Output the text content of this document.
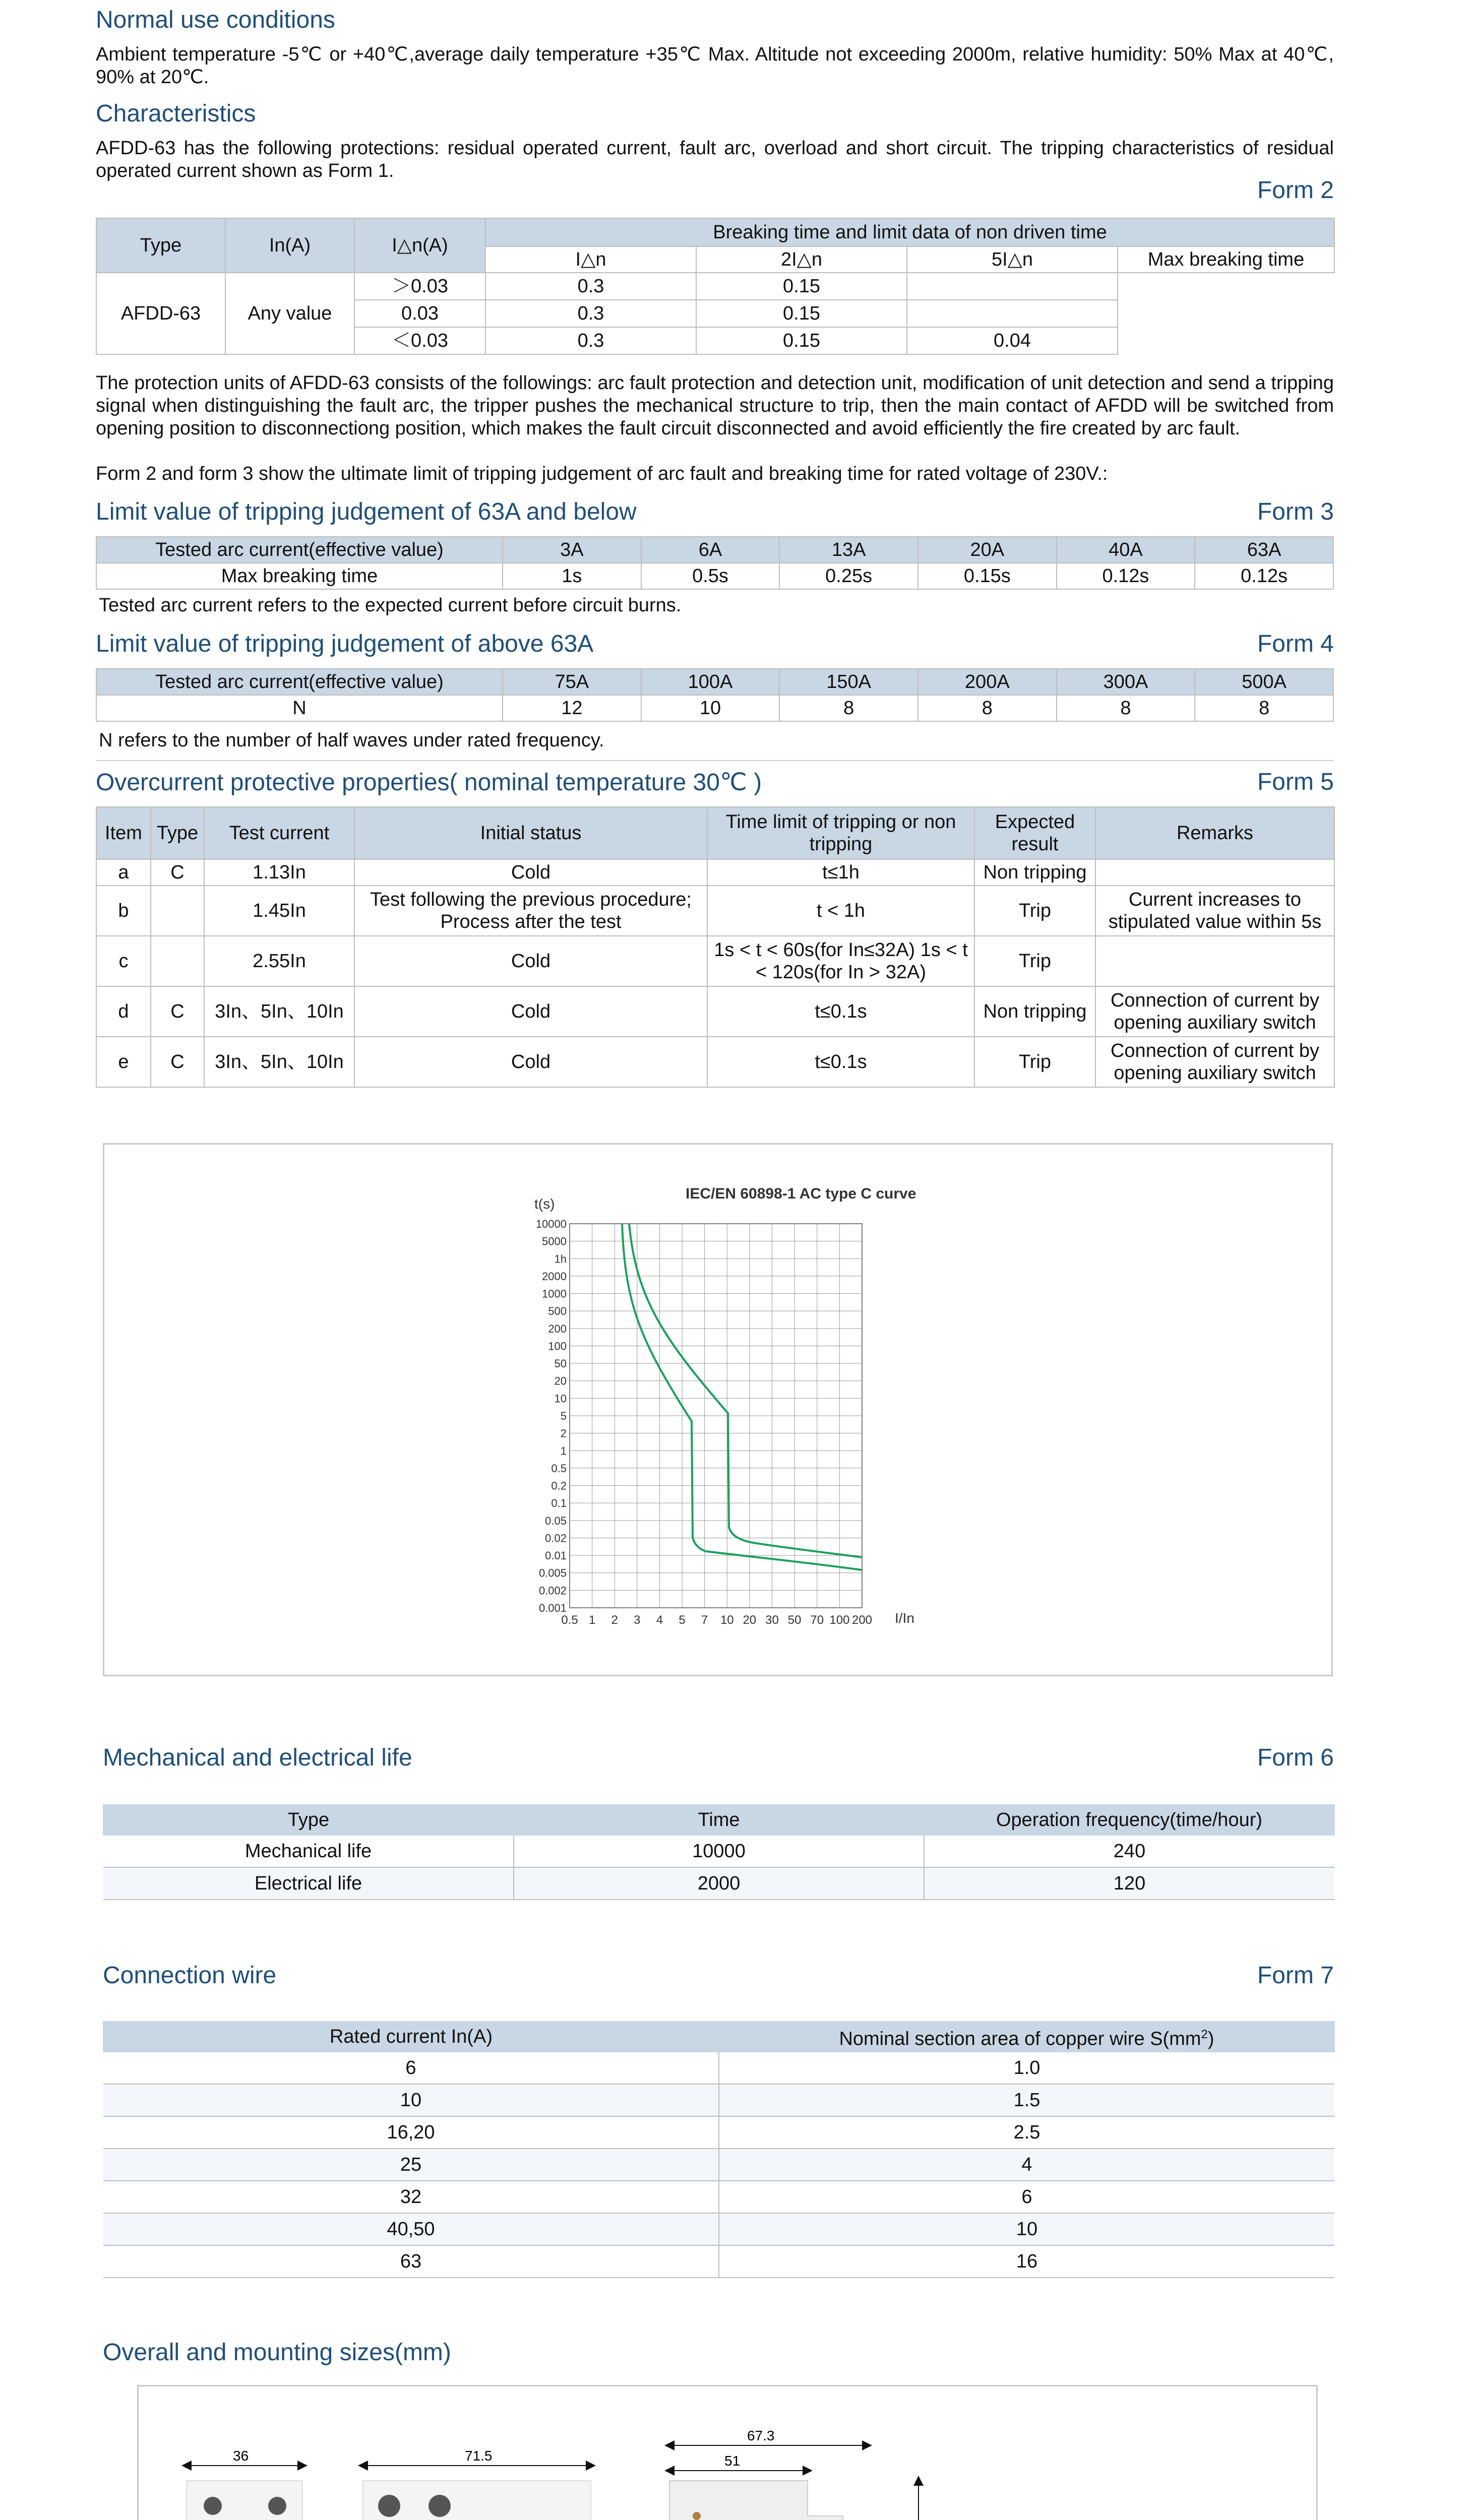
Normal use conditions
Ambient temperature -5℃ or +40℃,average daily temperature +35℃ Max. Altitude not exceeding 2000m, relative humidity: 50% Max at 40℃, 90% at 20℃.
Characteristics
AFDD-63 has the following protections: residual operated current, fault arc, overload and short circuit. The tripping characteristics of residual operated current shown as Form 1.
Form 2
Type	In(A)	I△n(A)	Breaking time and limit data of non driven time			
			I△n	2I△n	5I△n	Max breaking time
AFDD-63	Any value	＞0.03	0.3	0.15		
		0.03	0.3	0.15		
		＜0.03	0.3	0.15	0.04	
The protection units of AFDD-63 consists of the followings: arc fault protection and detection unit, modification of unit detection and send a tripping signal when distinguishing the fault arc, the tripper pushes the mechanical structure to trip, then the main contact of AFDD will be switched from opening position to disconnectiong position, which makes the fault circuit disconnected and avoid efficiently the fire created by arc fault.
Form 2 and form 3 show the ultimate limit of tripping judgement of arc fault and breaking time for rated voltage of 230V.:
Limit value of tripping judgement of 63A and below	Form 3
Tested arc current(effective value)	3A	6A	13A	20A	40A	63A
Max breaking time	1s	0.5s	0.25s	0.15s	0.12s	0.12s
Tested arc current refers to the expected current before circuit burns.
Limit value of tripping judgement of above 63A	Form 4
Tested arc current(effective value)	75A	100A	150A	200A	300A	500A
N	12	10	8	8	8	8
N refers to the number of half waves under rated frequency.
Overcurrent protective properties( nominal temperature 30℃ )	Form 5
Item	Type	Test current	Initial status	Time limit of tripping or non tripping	Expected result	Remarks
a	C	1.13In	Cold	t≤1h	Non tripping	
b		1.45In	Test following the previous procedure; Process after the test	t < 1h	Trip	Current increases to stipulated value within 5s
c		2.55In	Cold	1s < t < 60s(for In≤32A) 1s < t < 120s(for In > 32A)	Trip	
d	C	3In、5In、10In	Cold	t≤0.1s	Non tripping	Connection of current by opening auxiliary switch
e	C	3In、5In、10In	Cold	t≤0.1s	Trip	Connection of current by opening auxiliary switch
IEC/EN 60898-1 AC type C curve
t(s)
I/In
10000
5000
1h
2000
1000
500
200
100
50
20
10
5
2
1
0.5
0.2
0.1
0.05
0.02
0.01
0.005
0.002
0.001
0.5 1 2 3 4 5 7 10 20 30 50 70 100 200
Mechanical and electrical life	Form 6
Type	Time	Operation frequency(time/hour)
Mechanical life	10000	240
Electrical life	2000	120
Connection wire	Form 7
Rated current In(A)	Nominal section area of copper wire $S(mm^2)$
6	1.0
10	1.5
16,20	2.5
25	4
32	6
40,50	10
63	16
Overall and mounting sizes(mm)
36	71.5
67.3
51
